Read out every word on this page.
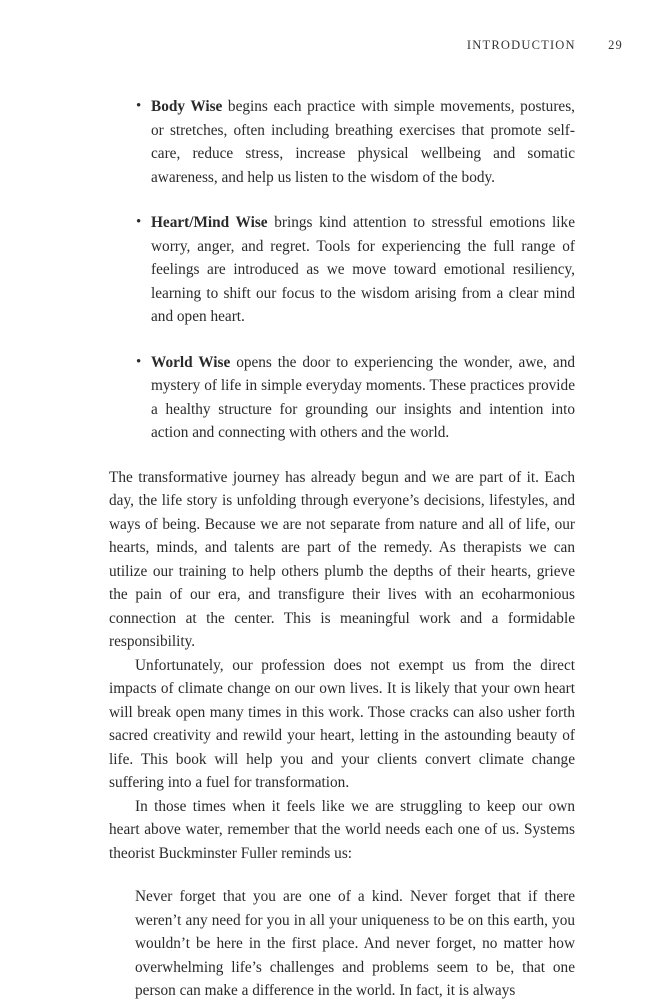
INTRODUCTION	29
• Body Wise begins each practice with simple movements, postures, or stretches, often including breathing exercises that promote self-care, reduce stress, increase physical wellbeing and somatic awareness, and help us listen to the wisdom of the body.
• Heart/Mind Wise brings kind attention to stressful emotions like worry, anger, and regret. Tools for experiencing the full range of feelings are introduced as we move toward emotional resiliency, learning to shift our focus to the wisdom arising from a clear mind and open heart.
• World Wise opens the door to experiencing the wonder, awe, and mystery of life in simple everyday moments. These practices provide a healthy structure for grounding our insights and intention into action and connecting with others and the world.

The transformative journey has already begun and we are part of it. Each day, the life story is unfolding through everyone’s decisions, lifestyles, and ways of being. Because we are not separate from nature and all of life, our hearts, minds, and talents are part of the remedy. As therapists we can utilize our training to help others plumb the depths of their hearts, grieve the pain of our era, and transfigure their lives with an ecoharmonious connection at the center. This is meaningful work and a formidable responsibility.

Unfortunately, our profession does not exempt us from the direct impacts of climate change on our own lives. It is likely that your own heart will break open many times in this work. Those cracks can also usher forth sacred creativity and rewild your heart, letting in the astounding beauty of life. This book will help you and your clients convert climate change suffering into a fuel for transformation.

In those times when it feels like we are struggling to keep our own heart above water, remember that the world needs each one of us. Systems theorist Buckminster Fuller reminds us:

Never forget that you are one of a kind. Never forget that if there weren’t any need for you in all your uniqueness to be on this earth, you wouldn’t be here in the first place. And never forget, no matter how overwhelming life’s challenges and problems seem to be, that one person can make a difference in the world. In fact, it is always
